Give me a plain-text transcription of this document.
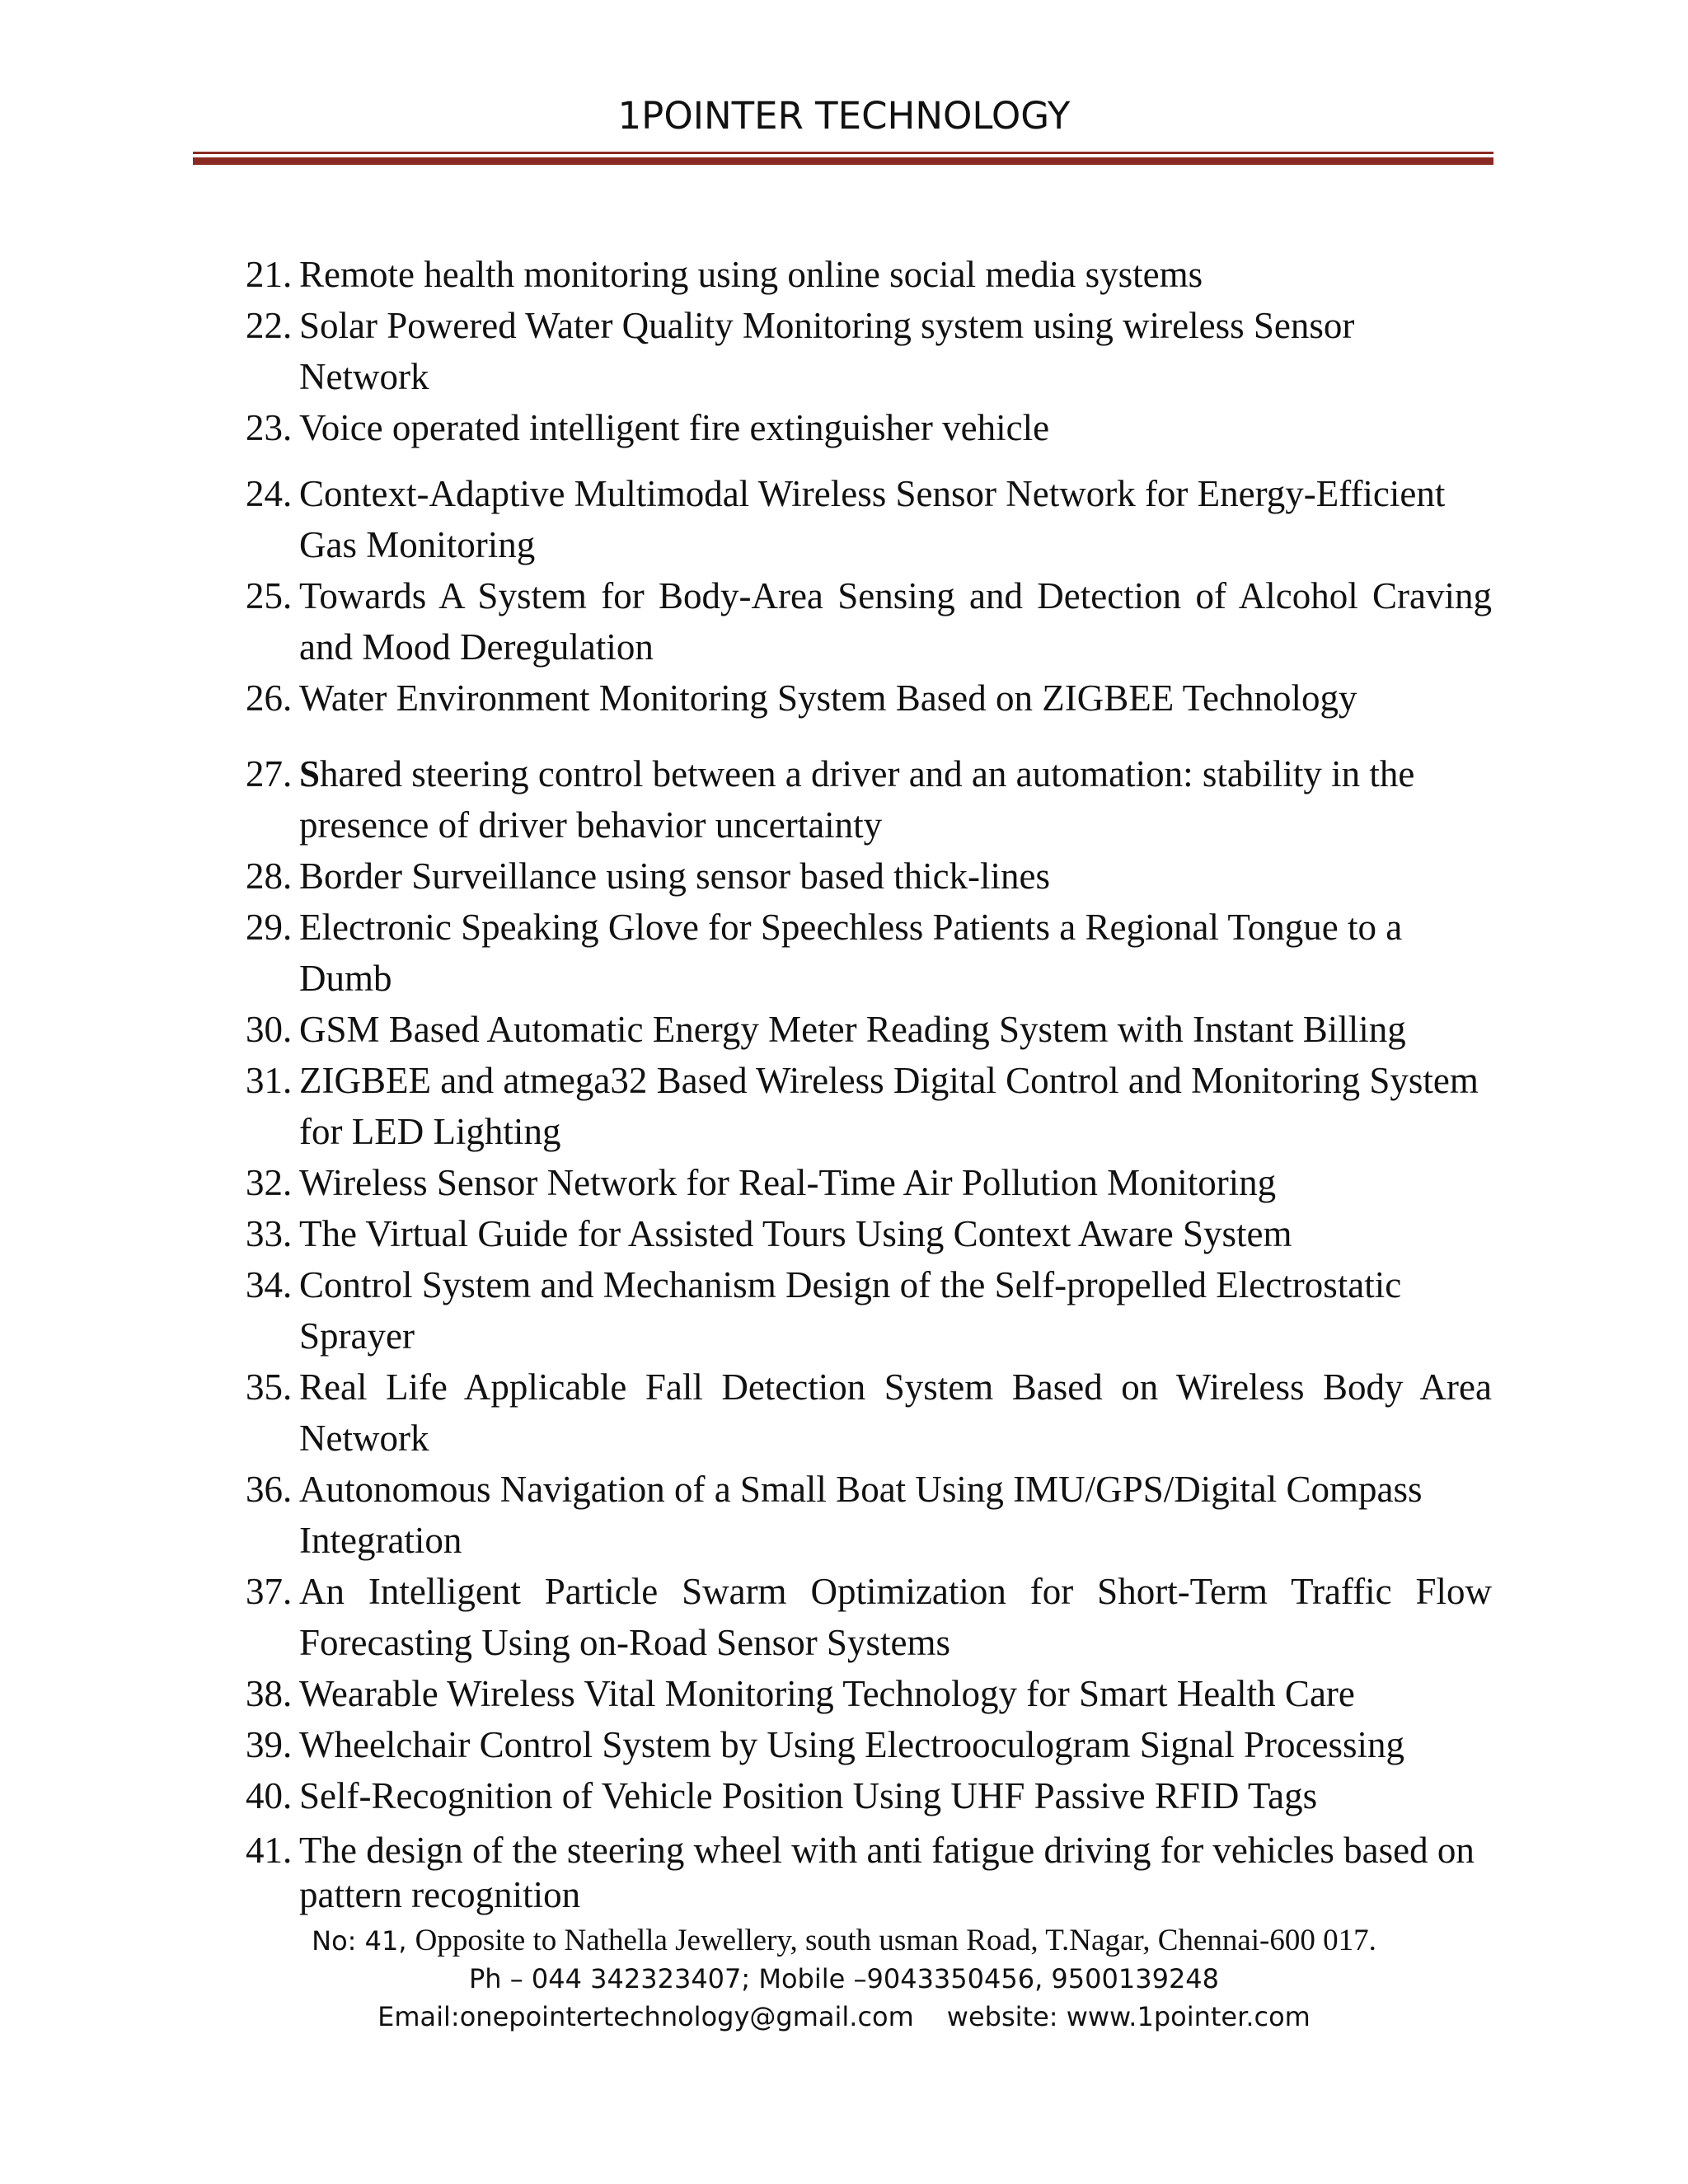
1POINTER TECHNOLOGY
21. Remote health monitoring using online social media systems
22. Solar Powered Water Quality Monitoring system using wireless Sensor Network
23. Voice operated intelligent fire extinguisher vehicle
24. Context-Adaptive Multimodal Wireless Sensor Network for Energy-Efficient Gas Monitoring
25. Towards A System for Body-Area Sensing and Detection of Alcohol Craving and Mood Deregulation
26. Water Environment Monitoring System Based on ZIGBEE Technology
27. Shared steering control between a driver and an automation: stability in the presence of driver behavior uncertainty
28. Border Surveillance using sensor based thick-lines
29. Electronic Speaking Glove for Speechless Patients a Regional Tongue to a Dumb
30. GSM Based Automatic Energy Meter Reading System with Instant Billing
31. ZIGBEE and atmega32 Based Wireless Digital Control and Monitoring System for LED Lighting
32. Wireless Sensor Network for Real-Time Air Pollution Monitoring
33. The Virtual Guide for Assisted Tours Using Context Aware System
34. Control System and Mechanism Design of the Self-propelled Electrostatic Sprayer
35. Real Life Applicable Fall Detection System Based on Wireless Body Area Network
36. Autonomous Navigation of a Small Boat Using IMU/GPS/Digital Compass Integration
37. An Intelligent Particle Swarm Optimization for Short-Term Traffic Flow Forecasting Using on-Road Sensor Systems
38. Wearable Wireless Vital Monitoring Technology for Smart Health Care
39. Wheelchair Control System by Using Electrooculogram Signal Processing
40. Self-Recognition of Vehicle Position Using UHF Passive RFID Tags
41. The design of the steering wheel with anti fatigue driving for vehicles based on pattern recognition
No: 41, Opposite to Nathella Jewellery, south usman Road, T.Nagar, Chennai-600 017.
Ph – 044 342323407; Mobile –9043350456, 9500139248
Email:onepointertechnology@gmail.com website: www.1pointer.com
